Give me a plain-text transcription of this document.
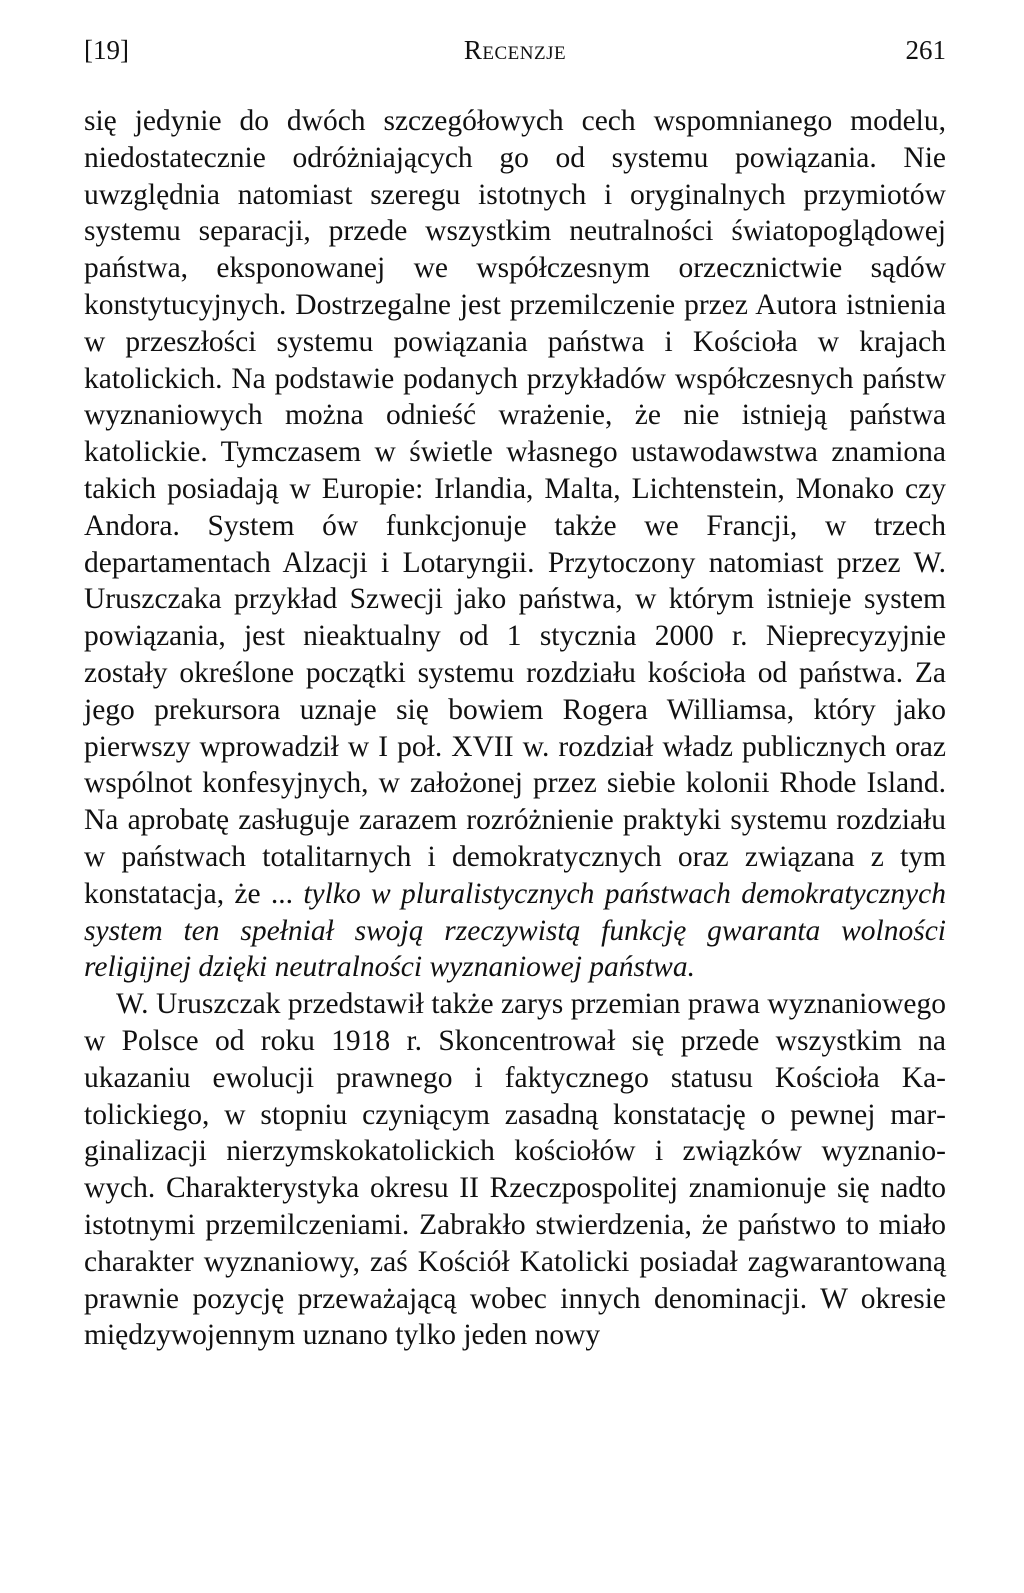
[19]	Recenzje	261

się jedynie do dwóch szczegółowych cech wspomnianego modelu, niedostatecznie odróżniających go od systemu powiązania. Nie uwzględnia natomiast szeregu istotnych i oryginalnych przymiotów systemu separacji, przede wszystkim neutralności światopoglądowej państwa, eksponowanej we współczesnym orzecznictwie sądów konstytucyjnych. Dostrzegalne jest przemilczenie przez Autora istnienia w przeszłości systemu powiązania państwa i Kościoła w krajach katolickich. Na podstawie podanych przykładów współczesnych państw wyznaniowych można odnieść wrażenie, że nie istnieją państwa katolickie. Tymczasem w świetle własnego ustawodawstwa znamiona takich posiadają w Europie: Irlandia, Malta, Lichtenstein, Monako czy Andora. System ów funkcjonuje także we Francji, w trzech departamentach Alzacji i Lotaryngii. Przytoczony natomiast przez W. Uruszczaka przykład Szwecji jako państwa, w którym istnieje system powiązania, jest nieaktualny od 1 stycznia 2000 r. Nieprecyzyjnie zostały określone początki systemu rozdziału kościoła od państwa. Za jego prekursora uznaje się bowiem Rogera Williamsa, który jako pierwszy wprowadził w I poł. XVII w. rozdział władz publicznych oraz wspólnot konfesyjnych, w założonej przez siebie kolonii Rhode Island. Na aprobatę zasługuje zarazem rozróżnienie praktyki systemu rozdziału w państwach totalitarnych i demokratycznych oraz związana z tym konstatacja, że ... tylko w pluralistycznych państwach demokratycznych system ten spełniał swoją rzeczywistą funkcję gwaranta wolności religijnej dzięki neutralności wyznaniowej państwa.

W. Uruszczak przedstawił także zarys przemian prawa wyznaniowego w Polsce od roku 1918 r. Skoncentrował się przede wszystkim na ukazaniu ewolucji prawnego i faktycznego statusu Kościoła Katolickiego, w stopniu czyniącym zasadną konstatację o pewnej marginalizacji nierzymskokatolickich kościołów i związków wyznaniowych. Charakterystyka okresu II Rzeczpospolitej znamionuje się nadto istotnymi przemilczeniami. Zabrakło stwierdzenia, że państwo to miało charakter wyznaniowy, zaś Kościół Katolicki posiadał zagwarantowaną prawnie pozycję przeważającą wobec innych denominacji. W okresie międzywojennym uznano tylko jeden nowy
